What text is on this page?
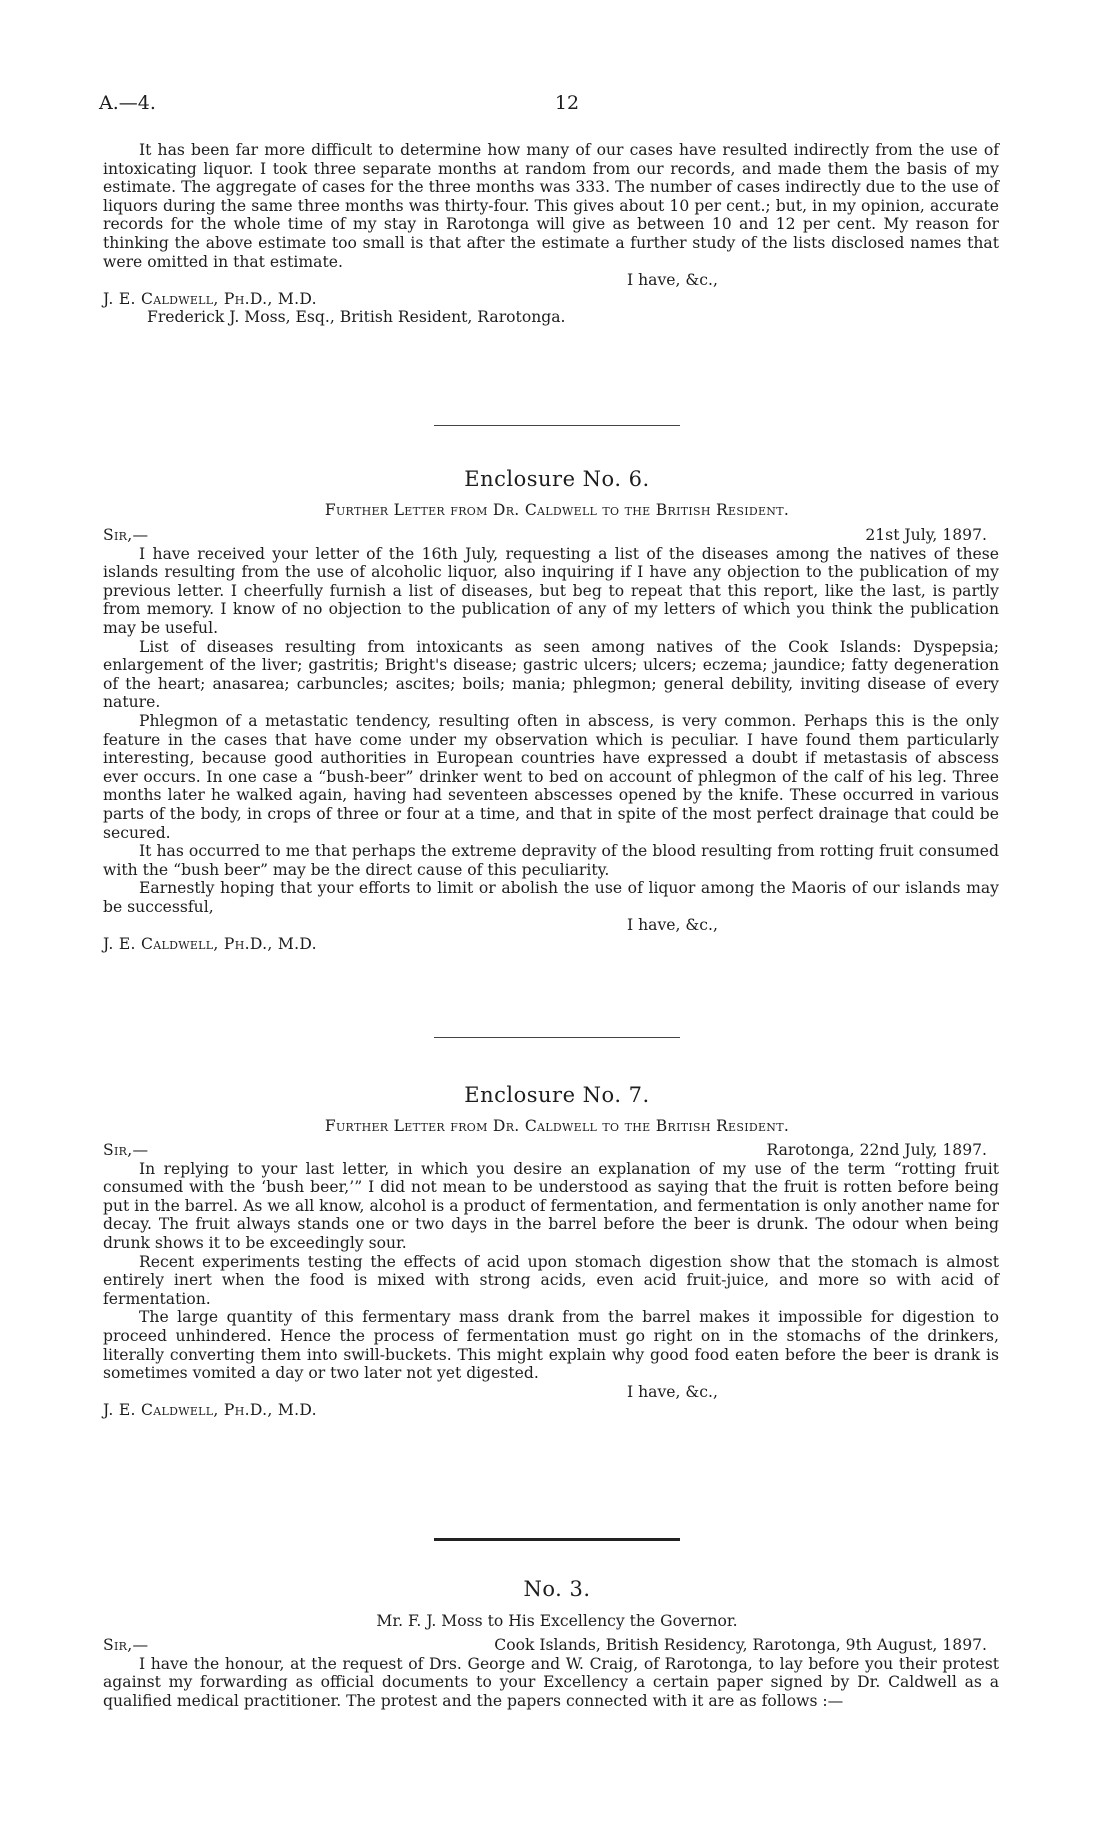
A.—4.	12

It has been far more difficult to determine how many of our cases have resulted indirectly from the use of intoxicating liquor. I took three separate months at random from our records, and made them the basis of my estimate. The aggregate of cases for the three months was 333. The number of cases indirectly due to the use of liquors during the same three months was thirty-four. This gives about 10 per cent.; but, in my opinion, accurate records for the whole time of my stay in Rarotonga will give as between 10 and 12 per cent. My reason for thinking the above estimate too small is that after the estimate a further study of the lists disclosed names that were omitted in that estimate.

I have, &c.,

J. E. Caldwell, Ph.D., M.D.

Frederick J. Moss, Esq., British Resident, Rarotonga.

Enclosure No. 6.
Further Letter from Dr. Caldwell to the British Resident.
Sir,—	21st July, 1897.

I have received your letter of the 16th July, requesting a list of the diseases among the natives of these islands resulting from the use of alcoholic liquor, also inquiring if I have any objection to the publication of my previous letter. I cheerfully furnish a list of diseases, but beg to repeat that this report, like the last, is partly from memory. I know of no objection to the publication of any of my letters of which you think the publication may be useful.

List of diseases resulting from intoxicants as seen among natives of the Cook Islands: Dyspepsia; enlargement of the liver; gastritis; Bright's disease; gastric ulcers; ulcers; eczema; jaundice; fatty degeneration of the heart; anasarea; carbuncles; ascites; boils; mania; phlegmon; general debility, inviting disease of every nature.

Phlegmon of a metastatic tendency, resulting often in abscess, is very common. Perhaps this is the only feature in the cases that have come under my observation which is peculiar. I have found them particularly interesting, because good authorities in European countries have expressed a doubt if metastasis of abscess ever occurs. In one case a “bush-beer” drinker went to bed on account of phlegmon of the calf of his leg. Three months later he walked again, having had seventeen abscesses opened by the knife. These occurred in various parts of the body, in crops of three or four at a time, and that in spite of the most perfect drainage that could be secured.

It has occurred to me that perhaps the extreme depravity of the blood resulting from rotting fruit consumed with the “bush beer” may be the direct cause of this peculiarity.

Earnestly hoping that your efforts to limit or abolish the use of liquor among the Maoris of our islands may be successful,

I have, &c.,

J. E. Caldwell, Ph.D., M.D.

Enclosure No. 7.
Further Letter from Dr. Caldwell to the British Resident.
Sir,—	Rarotonga, 22nd July, 1897.

In replying to your last letter, in which you desire an explanation of my use of the term “rotting fruit consumed with the ‘bush beer,’” I did not mean to be understood as saying that the fruit is rotten before being put in the barrel. As we all know, alcohol is a product of fermentation, and fermentation is only another name for decay. The fruit always stands one or two days in the barrel before the beer is drunk. The odour when being drunk shows it to be exceedingly sour.

Recent experiments testing the effects of acid upon stomach digestion show that the stomach is almost entirely inert when the food is mixed with strong acids, even acid fruit-juice, and more so with acid of fermentation.

The large quantity of this fermentary mass drank from the barrel makes it impossible for digestion to proceed unhindered. Hence the process of fermentation must go right on in the stomachs of the drinkers, literally converting them into swill-buckets. This might explain why good food eaten before the beer is drank is sometimes vomited a day or two later not yet digested.

I have, &c.,

J. E. Caldwell, Ph.D., M.D.

No. 3.
Mr. F. J. Moss to His Excellency the Governor.
Sir,—	Cook Islands, British Residency, Rarotonga, 9th August, 1897.

I have the honour, at the request of Drs. George and W. Craig, of Rarotonga, to lay before you their protest against my forwarding as official documents to your Excellency a certain paper signed by Dr. Caldwell as a qualified medical practitioner. The protest and the papers connected with it are as follows :—
